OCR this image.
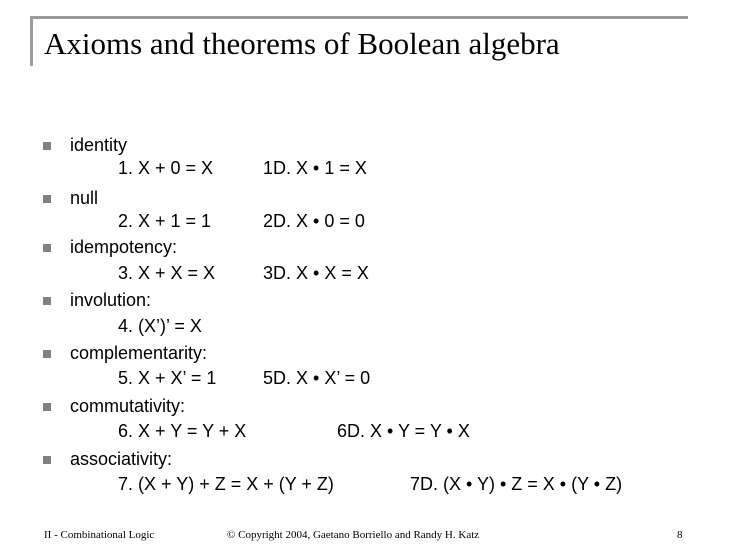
Axioms and theorems of Boolean algebra
identity
1. X + 0 = X	1D. X • 1 = X
null
2. X + 1 = 1	2D. X • 0 = 0
idempotency:
3. X + X = X	3D. X • X = X
involution:
4. (X’)’ = X
complementarity:
5. X + X’ = 1	5D. X • X’ = 0
commutativity:
6. X + Y = Y + X	6D. X • Y = Y • X
associativity:
7. (X + Y) + Z = X + (Y + Z)	7D. (X • Y) • Z = X • (Y • Z)
II - Combinational Logic	© Copyright 2004, Gaetano Borriello and Randy H. Katz	8
